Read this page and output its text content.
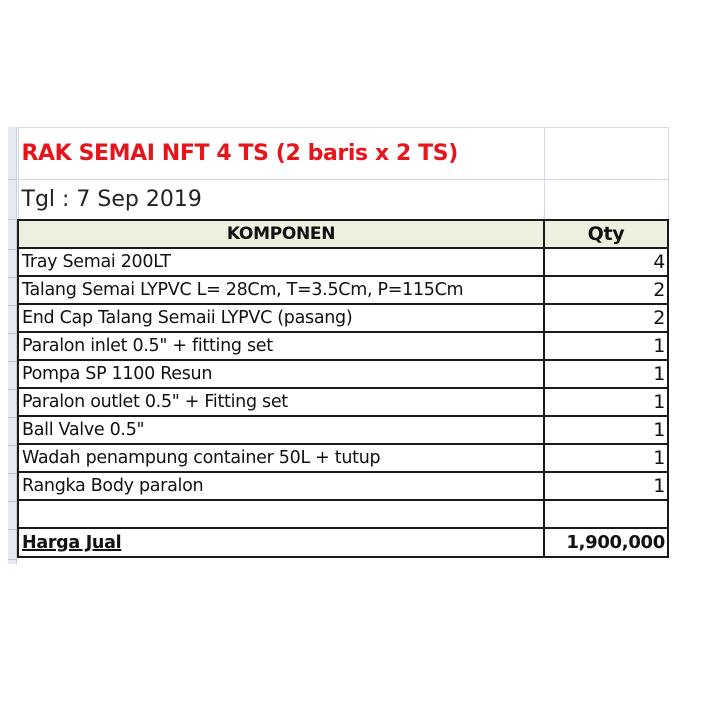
RAK SEMAI NFT 4 TS (2 baris x 2 TS)	
Tgl : 7 Sep 2019	
KOMPONEN	Qty
Tray Semai 200LT	4
Talang Semai LYPVC L= 28Cm, T=3.5Cm, P=115Cm	2
End Cap Talang Semaii LYPVC (pasang)	2
Paralon inlet 0.5" + fitting set	1
Pompa SP 1100 Resun	1
Paralon outlet 0.5" + Fitting set	1
Ball Valve 0.5"	1
Wadah penampung container 50L + tutup	1
Rangka Body paralon	1

Harga Jual	1,900,000
